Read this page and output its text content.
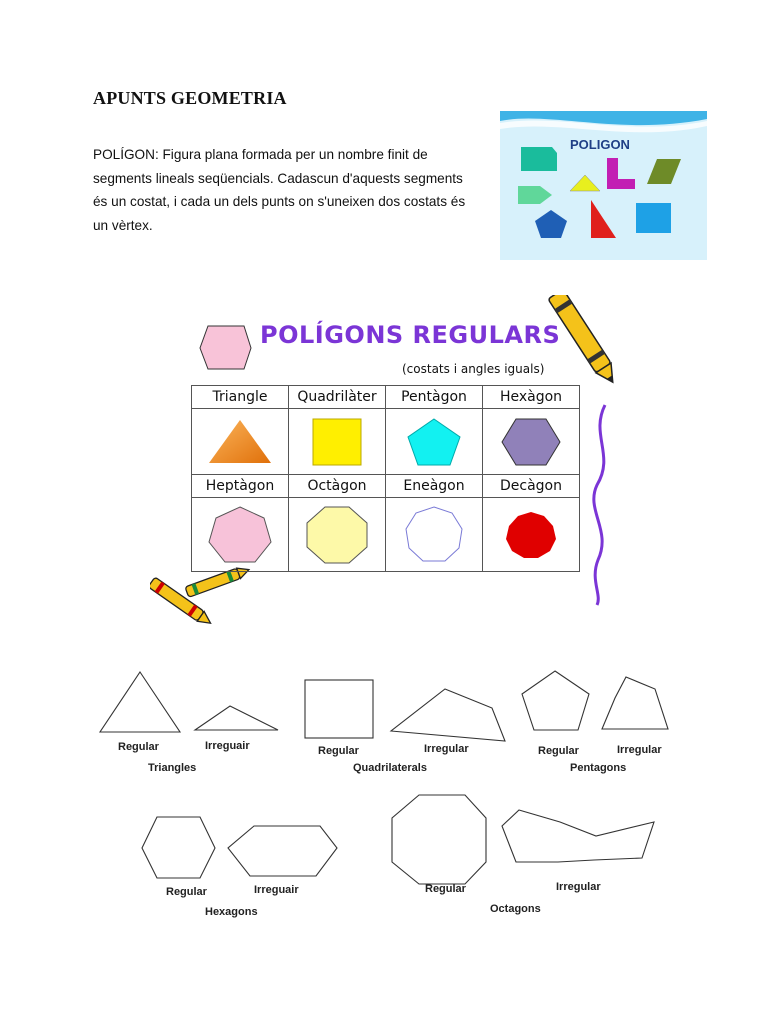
APUNTS GEOMETRIA
POLÍGON: Figura plana formada per un nombre finit de segments lineals seqüencials. Cadascun d'aquests segments és un costat, i cada un dels punts on s'uneixen dos costats és un vèrtex.
POLIGON
POLÍGONS REGULARS
(costats i angles iguals)
Triangle	Quadrilàter	Pentàgon	Hexàgon

Heptàgon	Octàgon	Eneàgon	Decàgon

Regular	Irreguair
Triangles
Regular	Irregular
Quadrilaterals
Regular	Irregular
Pentagons
Regular	Irreguair
Hexagons
Regular	Irregular
Octagons
